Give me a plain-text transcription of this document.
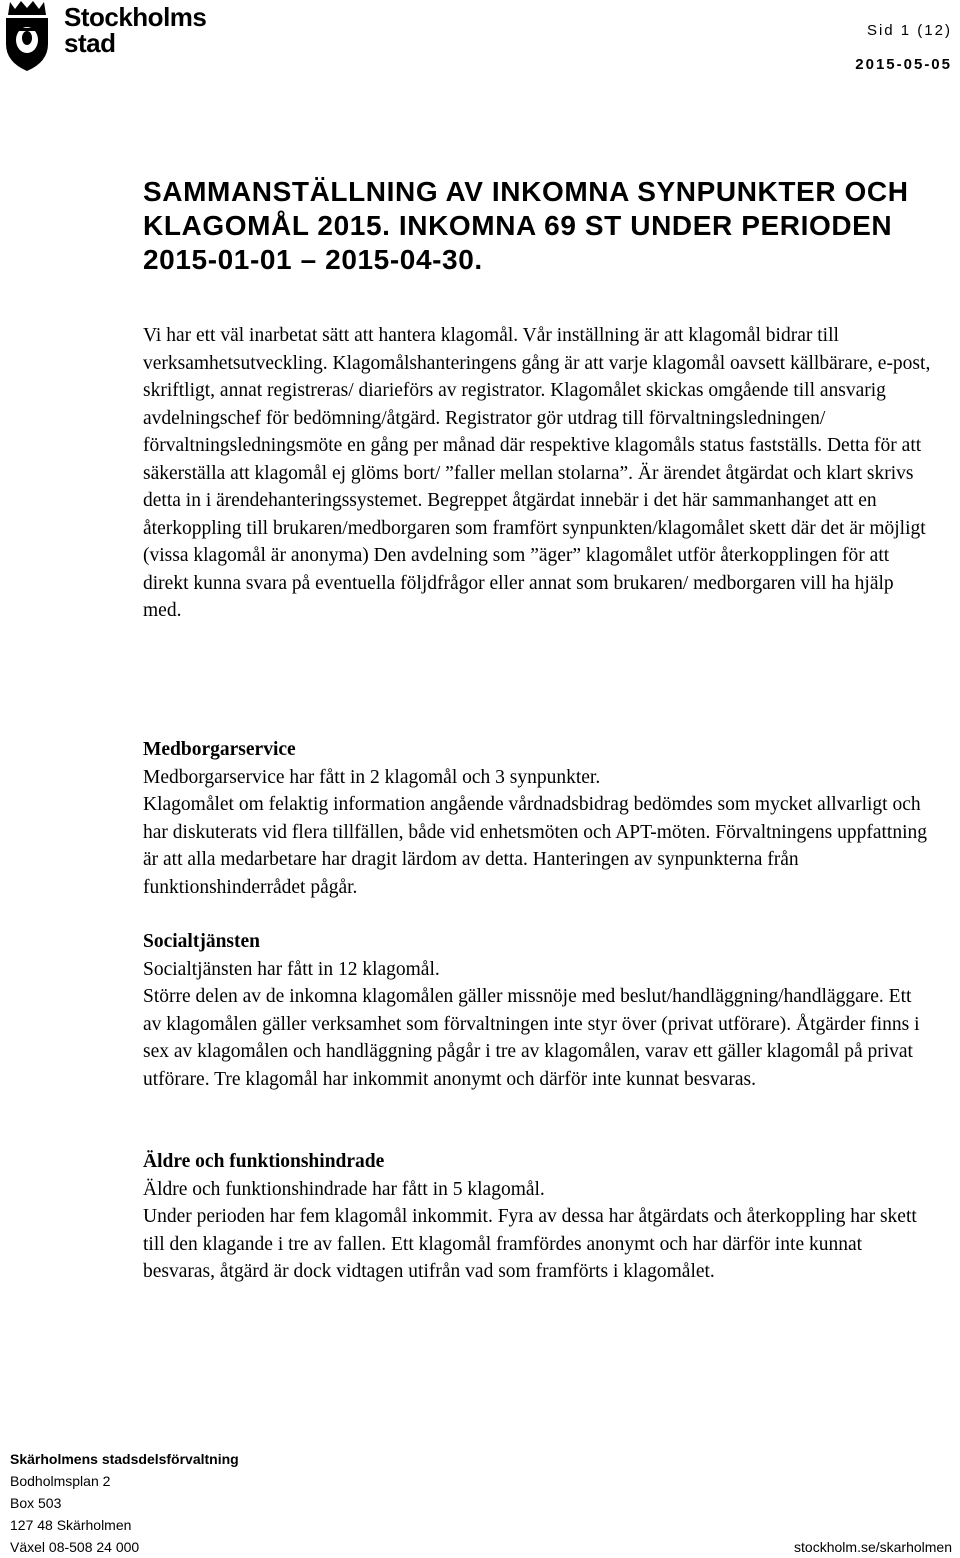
Stockholms
stad	Sid 1 (12)
2015-05-05
SAMMANSTÄLLNING AV INKOMNA SYNPUNKTER OCH KLAGOMÅL 2015. INKOMNA 69 ST UNDER PERIODEN 2015-01-01 – 2015-04-30.

Vi har ett väl inarbetat sätt att hantera klagomål. Vår inställning är att klagomål bidrar till verksamhetsutveckling. Klagomålshanteringens gång är att varje klagomål oavsett källbärare, e-post, skriftligt, annat registreras/ diarieförs av registrator. Klagomålet skickas omgående till ansvarig avdelningschef för bedömning/åtgärd. Registrator gör utdrag till förvaltningsledningen/ förvaltningsledningsmöte en gång per månad där respektive klagomåls status fastställs. Detta för att säkerställa att klagomål ej glöms bort/ ”faller mellan stolarna”. Är ärendet åtgärdat och klart skrivs detta in i ärendehanteringssystemet. Begreppet åtgärdat innebär i det här sammanhanget att en återkoppling till brukaren/medborgaren som framfört synpunkten/klagomålet skett där det är möjligt (vissa klagomål är anonyma) Den avdelning som ”äger” klagomålet utför återkopplingen för att direkt kunna svara på eventuella följdfrågor eller annat som brukaren/ medborgaren vill ha hjälp med.

Medborgarservice

Medborgarservice har fått in 2 klagomål och 3 synpunkter.

Klagomålet om felaktig information angående vårdnadsbidrag bedömdes som mycket allvarligt och har diskuterats vid flera tillfällen, både vid enhetsmöten och APT-möten. Förvaltningens uppfattning är att alla medarbetare har dragit lärdom av detta. Hanteringen av synpunkterna från funktionshinderrådet pågår.

Socialtjänsten

Socialtjänsten har fått in 12 klagomål.

Större delen av de inkomna klagomålen gäller missnöje med beslut/handläggning/handläggare. Ett av klagomålen gäller verksamhet som förvaltningen inte styr över (privat utförare). Åtgärder finns i sex av klagomålen och handläggning pågår i tre av klagomålen, varav ett gäller klagomål på privat utförare. Tre klagomål har inkommit anonymt och därför inte kunnat besvaras.

Äldre och funktionshindrade

Äldre och funktionshindrade har fått in 5 klagomål.

Under perioden har fem klagomål inkommit. Fyra av dessa har åtgärdats och återkoppling har skett till den klagande i tre av fallen. Ett klagomål framfördes anonymt och har därför inte kunnat besvaras, åtgärd är dock vidtagen utifrån vad som framförts i klagomålet.

Skärholmens stadsdelsförvaltning
Bodholmsplan 2
Box 503
127 48 Skärholmen
Växel 08-508 24 000	stockholm.se/skarholmen
